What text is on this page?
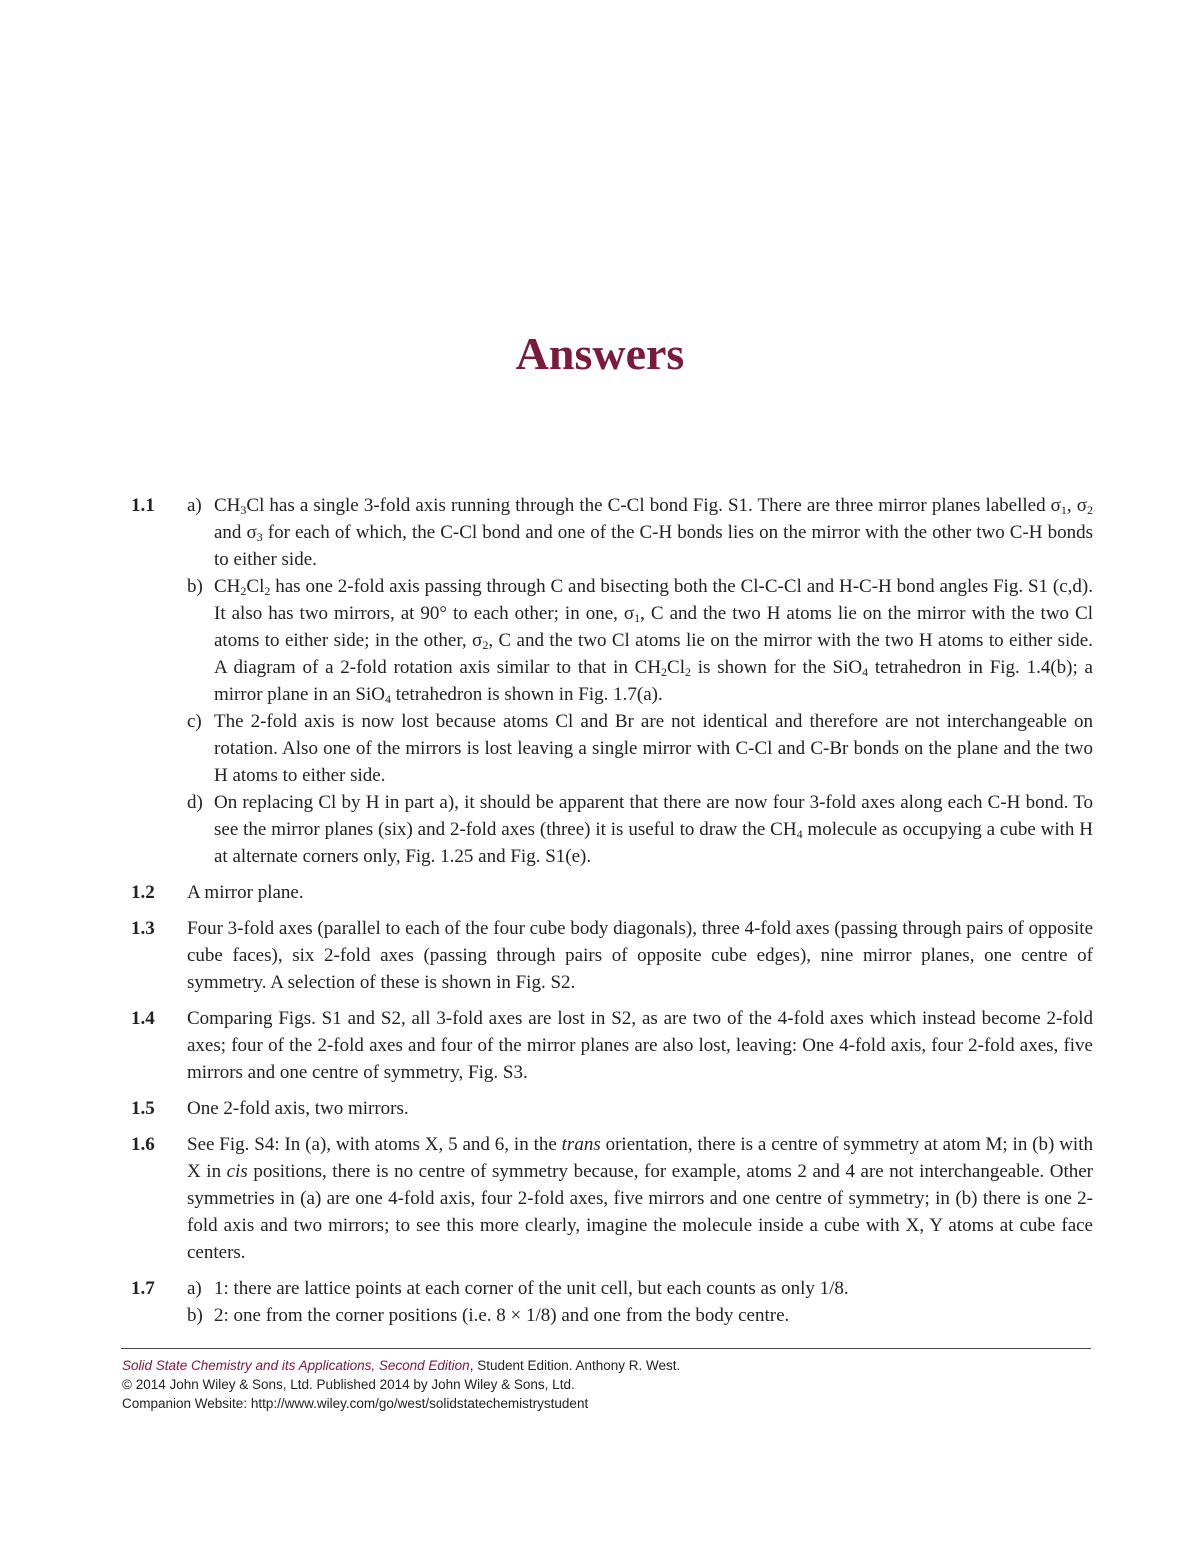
Answers
1.1	a) $CH_3Cl$ has a single 3-fold axis running through the C-Cl bond Fig. S1. There are three mirror planes labelled $\sigma_1$, $\sigma_2$ and $\sigma_3$ for each of which, the C-Cl bond and one of the C-H bonds lies on the mirror with the other two C-H bonds to either side.
b) $CH_2Cl_2$ has one 2-fold axis passing through C and bisecting both the Cl-C-Cl and H-C-H bond angles Fig. S1 (c,d). It also has two mirrors, at 90° to each other; in one, $\sigma_1$, C and the two H atoms lie on the mirror with the two Cl atoms to either side; in the other, $\sigma_2$, C and the two Cl atoms lie on the mirror with the two H atoms to either side. A diagram of a 2-fold rotation axis similar to that in $CH_2Cl_2$ is shown for the SiO$_4$ tetrahedron in Fig. 1.4(b); a mirror plane in an SiO$_4$ tetrahedron is shown in Fig. 1.7(a).
c) The 2-fold axis is now lost because atoms Cl and Br are not identical and therefore are not interchangeable on rotation. Also one of the mirrors is lost leaving a single mirror with C-Cl and C-Br bonds on the plane and the two H atoms to either side.
d) On replacing Cl by H in part a), it should be apparent that there are now four 3-fold axes along each C-H bond. To see the mirror planes (six) and 2-fold axes (three) it is useful to draw the $CH_4$ molecule as occupying a cube with H at alternate corners only, Fig. 1.25 and Fig. S1(e).
1.2	A mirror plane.
1.3	Four 3-fold axes (parallel to each of the four cube body diagonals), three 4-fold axes (passing through pairs of opposite cube faces), six 2-fold axes (passing through pairs of opposite cube edges), nine mirror planes, one centre of symmetry. A selection of these is shown in Fig. S2.
1.4	Comparing Figs. S1 and S2, all 3-fold axes are lost in S2, as are two of the 4-fold axes which instead become 2-fold axes; four of the 2-fold axes and four of the mirror planes are also lost, leaving: One 4-fold axis, four 2-fold axes, five mirrors and one centre of symmetry, Fig. S3.
1.5	One 2-fold axis, two mirrors.
1.6	See Fig. S4: In (a), with atoms X, 5 and 6, in the trans orientation, there is a centre of symmetry at atom M; in (b) with X in cis positions, there is no centre of symmetry because, for example, atoms 2 and 4 are not interchangeable. Other symmetries in (a) are one 4-fold axis, four 2-fold axes, five mirrors and one centre of symmetry; in (b) there is one 2-fold axis and two mirrors; to see this more clearly, imagine the molecule inside a cube with X, Y atoms at cube face centers.
1.7	a) 1: there are lattice points at each corner of the unit cell, but each counts as only 1/8.
b) 2: one from the corner positions (i.e. 8 × 1/8) and one from the body centre.
Solid State Chemistry and its Applications, Second Edition, Student Edition. Anthony R. West.
© 2014 John Wiley & Sons, Ltd. Published 2014 by John Wiley & Sons, Ltd.
Companion Website: http://www.wiley.com/go/west/solidstatechemistrystudent
